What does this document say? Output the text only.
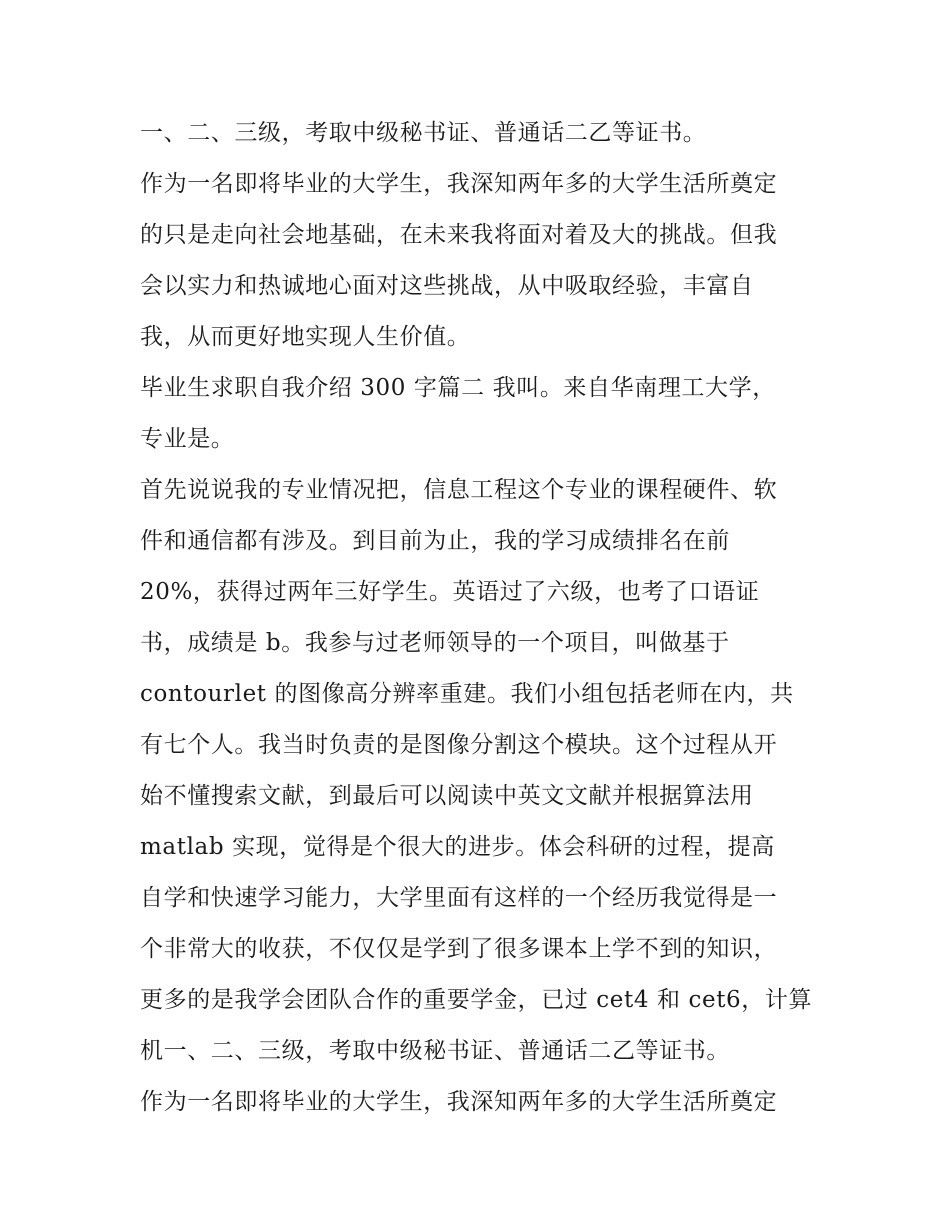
一、二、三级，考取中级秘书证、普通话二乙等证书。
作为一名即将毕业的大学生，我深知两年多的大学生活所奠定
的只是走向社会地基础，在未来我将面对着及大的挑战。但我
会以实力和热诚地心面对这些挑战，从中吸取经验，丰富自
我，从而更好地实现人生价值。
毕业生求职自我介绍 300 字篇二 我叫。来自华南理工大学，
专业是。
首先说说我的专业情况把，信息工程这个专业的课程硬件、软
件和通信都有涉及。到目前为止，我的学习成绩排名在前
20%，获得过两年三好学生。英语过了六级，也考了口语证
书，成绩是 b。我参与过老师领导的一个项目，叫做基于
contourlet 的图像高分辨率重建。我们小组包括老师在内，共
有七个人。我当时负责的是图像分割这个模块。这个过程从开
始不懂搜索文献，到最后可以阅读中英文文献并根据算法用
matlab 实现，觉得是个很大的进步。体会科研的过程，提高
自学和快速学习能力，大学里面有这样的一个经历我觉得是一
个非常大的收获，不仅仅是学到了很多课本上学不到的知识，
更多的是我学会团队合作的重要学金，已过 cet4 和 cet6，计算
机一、二、三级，考取中级秘书证、普通话二乙等证书。
作为一名即将毕业的大学生，我深知两年多的大学生活所奠定
